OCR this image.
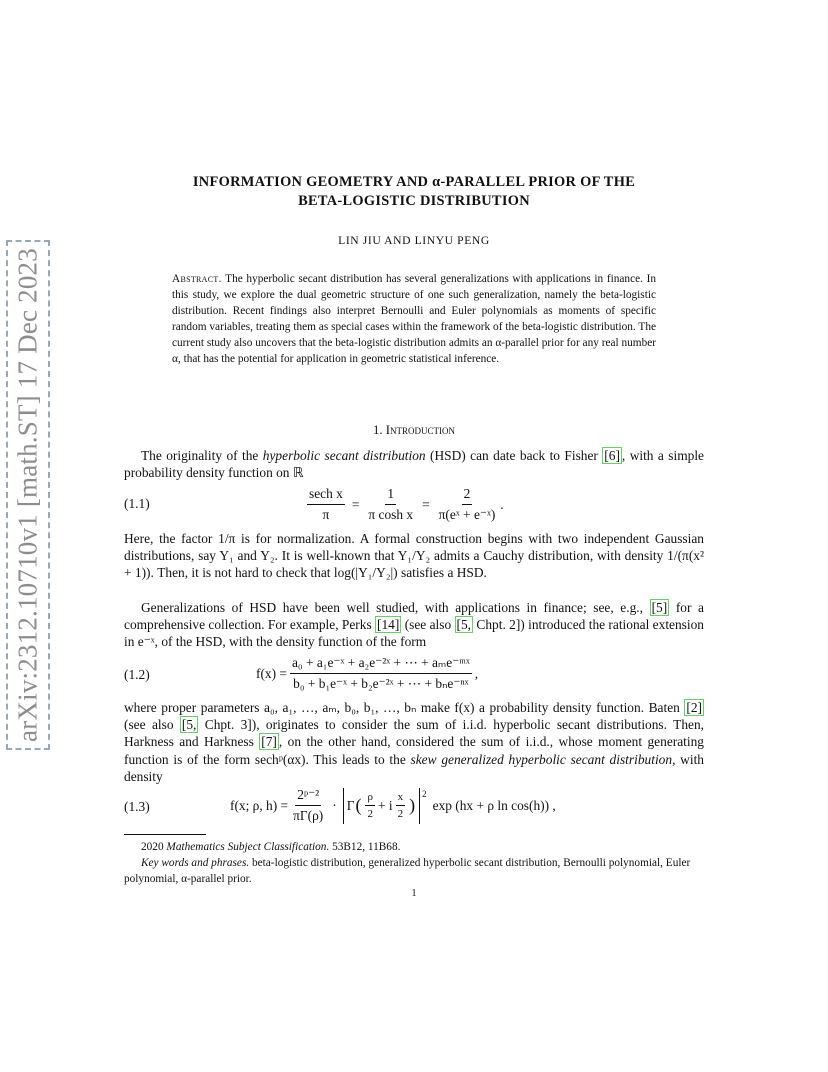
arXiv:2312.10710v1 [math.ST] 17 Dec 2023
INFORMATION GEOMETRY AND α-PARALLEL PRIOR OF THE
BETA-LOGISTIC DISTRIBUTION
LIN JIU AND LINYU PENG
Abstract. The hyperbolic secant distribution has several generalizations with applications in finance. In this study, we explore the dual geometric structure of one such generalization, namely the beta-logistic distribution. Recent findings also interpret Bernoulli and Euler polynomials as moments of specific random variables, treating them as special cases within the framework of the beta-logistic distribution. The current study also uncovers that the beta-logistic distribution admits an α-parallel prior for any real number α, that has the potential for application in geometric statistical inference.
1. Introduction
The originality of the hyperbolic secant distribution (HSD) can date back to Fisher [6] , with a simple probability density function on ℝ
(1.1)	$\frac{\text{sech x}}{\pi} = \frac{1}{\text{π cosh x}} = \frac{2}{\text{π(eˣ + e⁻ˣ)}}$ .
Here, the factor 1/π is for normalization. A formal construction begins with two independent Gaussian distributions, say Y₁ and Y₂. It is well-known that Y₁/Y₂ admits a Cauchy distribution, with density 1/(π(x² + 1)). Then, it is not hard to check that log(|Y₁/Y₂|) satisfies a HSD.
Generalizations of HSD have been well studied, with applications in finance; see, e.g., [5] for a comprehensive collection. For example, Perks [14] (see also [5, Chpt. 2]) introduced the rational extension in e⁻ˣ, of the HSD, with the density function of the form
(1.2)	$f(x) = \frac{\text{a₀ + a₁e⁻ˣ + a₂e⁻²ˣ + ⋯ + aₘe⁻ᵐˣ}}{\text{b₀ + b₁e⁻ˣ + b₂e⁻²ˣ + ⋯ + bₙe⁻ⁿˣ}}$ ,
where proper parameters a₀, a₁, …, aₘ, b₀, b₁, …, bₙ make f(x) a probability density function. Baten [2] (see also [5, Chpt. 3]), originates to consider the sum of i.i.d. hyperbolic secant distributions. Then, Harkness and Harkness [7] , on the other hand, considered the sum of i.i.d., whose moment generating function is of the form sechᵖ(αx). This leads to the skew generalized hyperbolic secant distribution, with density
(1.3)	f(x; ρ, $h) = \frac{\text{2ᵖ⁻²}}{\pi\Gamma(\rho)} \cdot \Gamma$ ( $\frac{\rho}{2} + i \frac{x}{2}$ )
$^2$
exp (hx + ρ ln cos(h)) ,
2020 Mathematics Subject Classification. 53B12, 11B68.
Key words and phrases. beta-logistic distribution, generalized hyperbolic secant distribution, Bernoulli polynomial, Euler polynomial, α-parallel prior.
1
